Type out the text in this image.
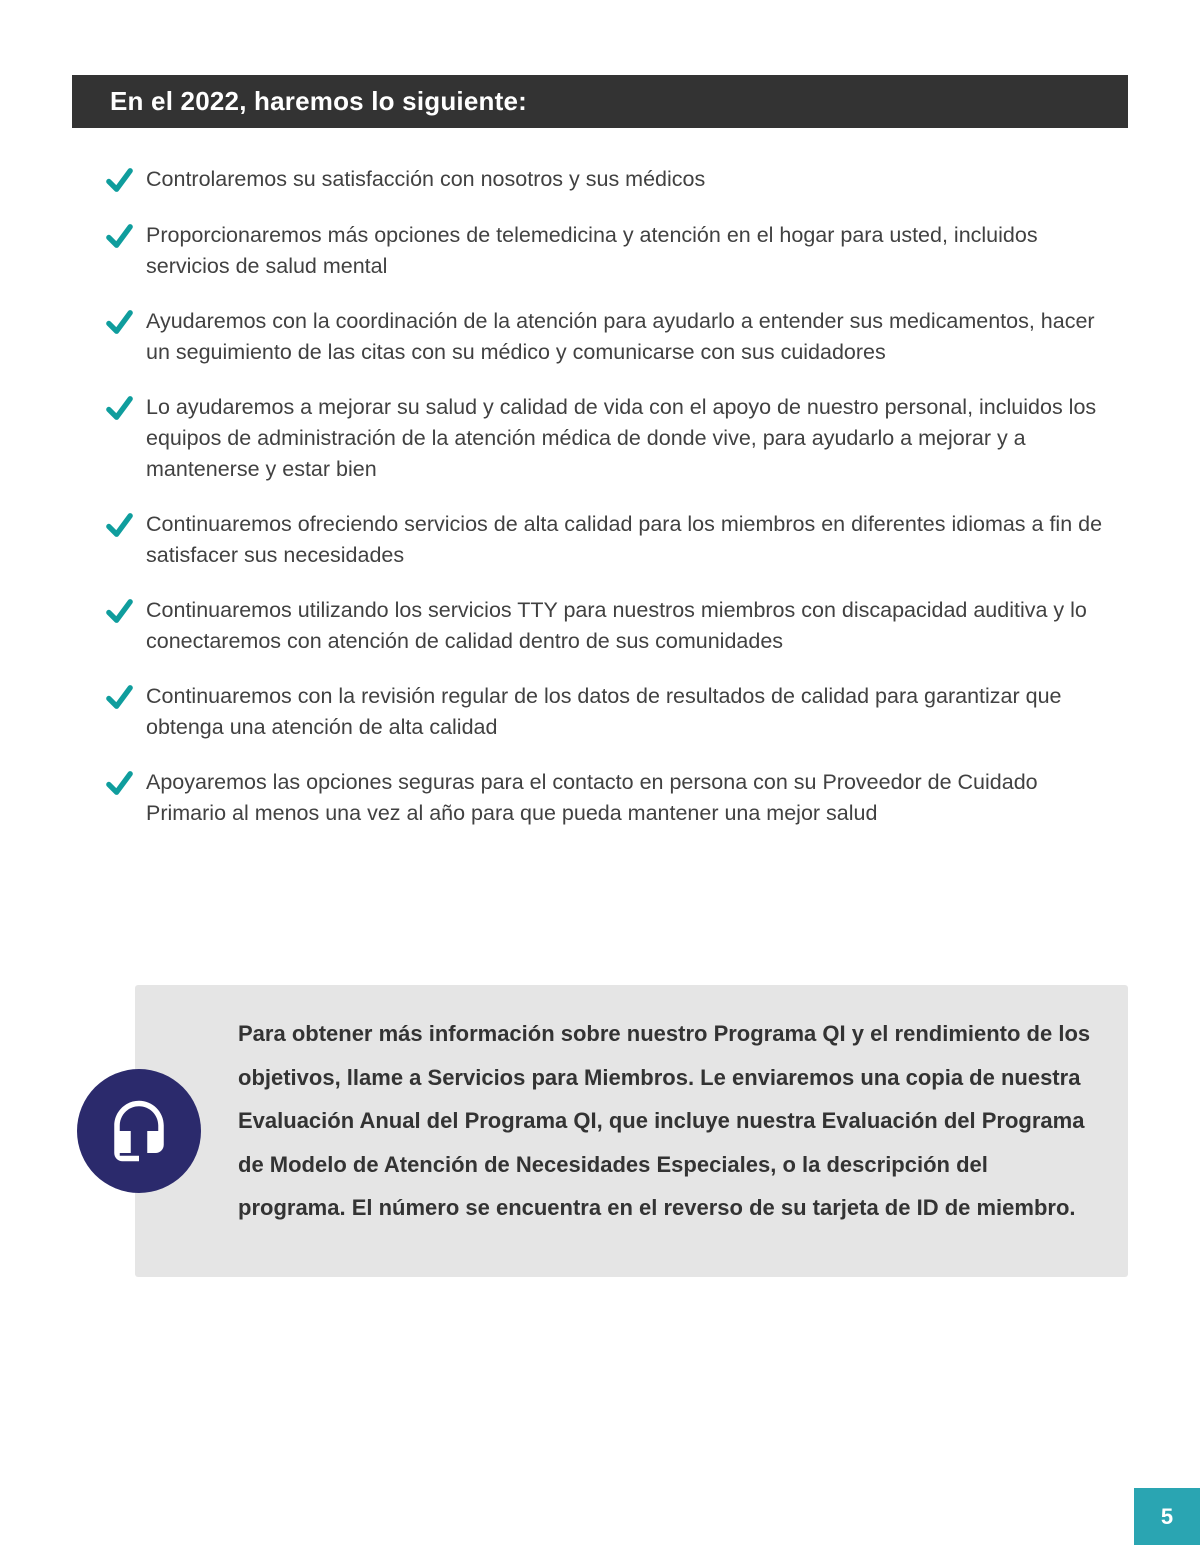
En el 2022, haremos lo siguiente:
Controlaremos su satisfacción con nosotros y sus médicos
Proporcionaremos más opciones de telemedicina y atención en el hogar para usted, incluidos servicios de salud mental
Ayudaremos con la coordinación de la atención para ayudarlo a entender sus medicamentos, hacer un seguimiento de las citas con su médico y comunicarse con sus cuidadores
Lo ayudaremos a mejorar su salud y calidad de vida con el apoyo de nuestro personal, incluidos los equipos de administración de la atención médica de donde vive, para ayudarlo a mejorar y a mantenerse y estar bien
Continuaremos ofreciendo servicios de alta calidad para los miembros en diferentes idiomas a fin de satisfacer sus necesidades
Continuaremos utilizando los servicios TTY para nuestros miembros con discapacidad auditiva y lo conectaremos con atención de calidad dentro de sus comunidades
Continuaremos con la revisión regular de los datos de resultados de calidad para garantizar que obtenga una atención de alta calidad
Apoyaremos las opciones seguras para el contacto en persona con su Proveedor de Cuidado Primario al menos una vez al año para que pueda mantener una mejor salud

Para obtener más información sobre nuestro Programa QI y el rendimiento de los objetivos, llame a Servicios para Miembros. Le enviaremos una copia de nuestra Evaluación Anual del Programa QI, que incluye nuestra Evaluación del Programa de Modelo de Atención de Necesidades Especiales, o la descripción del programa. El número se encuentra en el reverso de su tarjeta de ID de miembro.

5
